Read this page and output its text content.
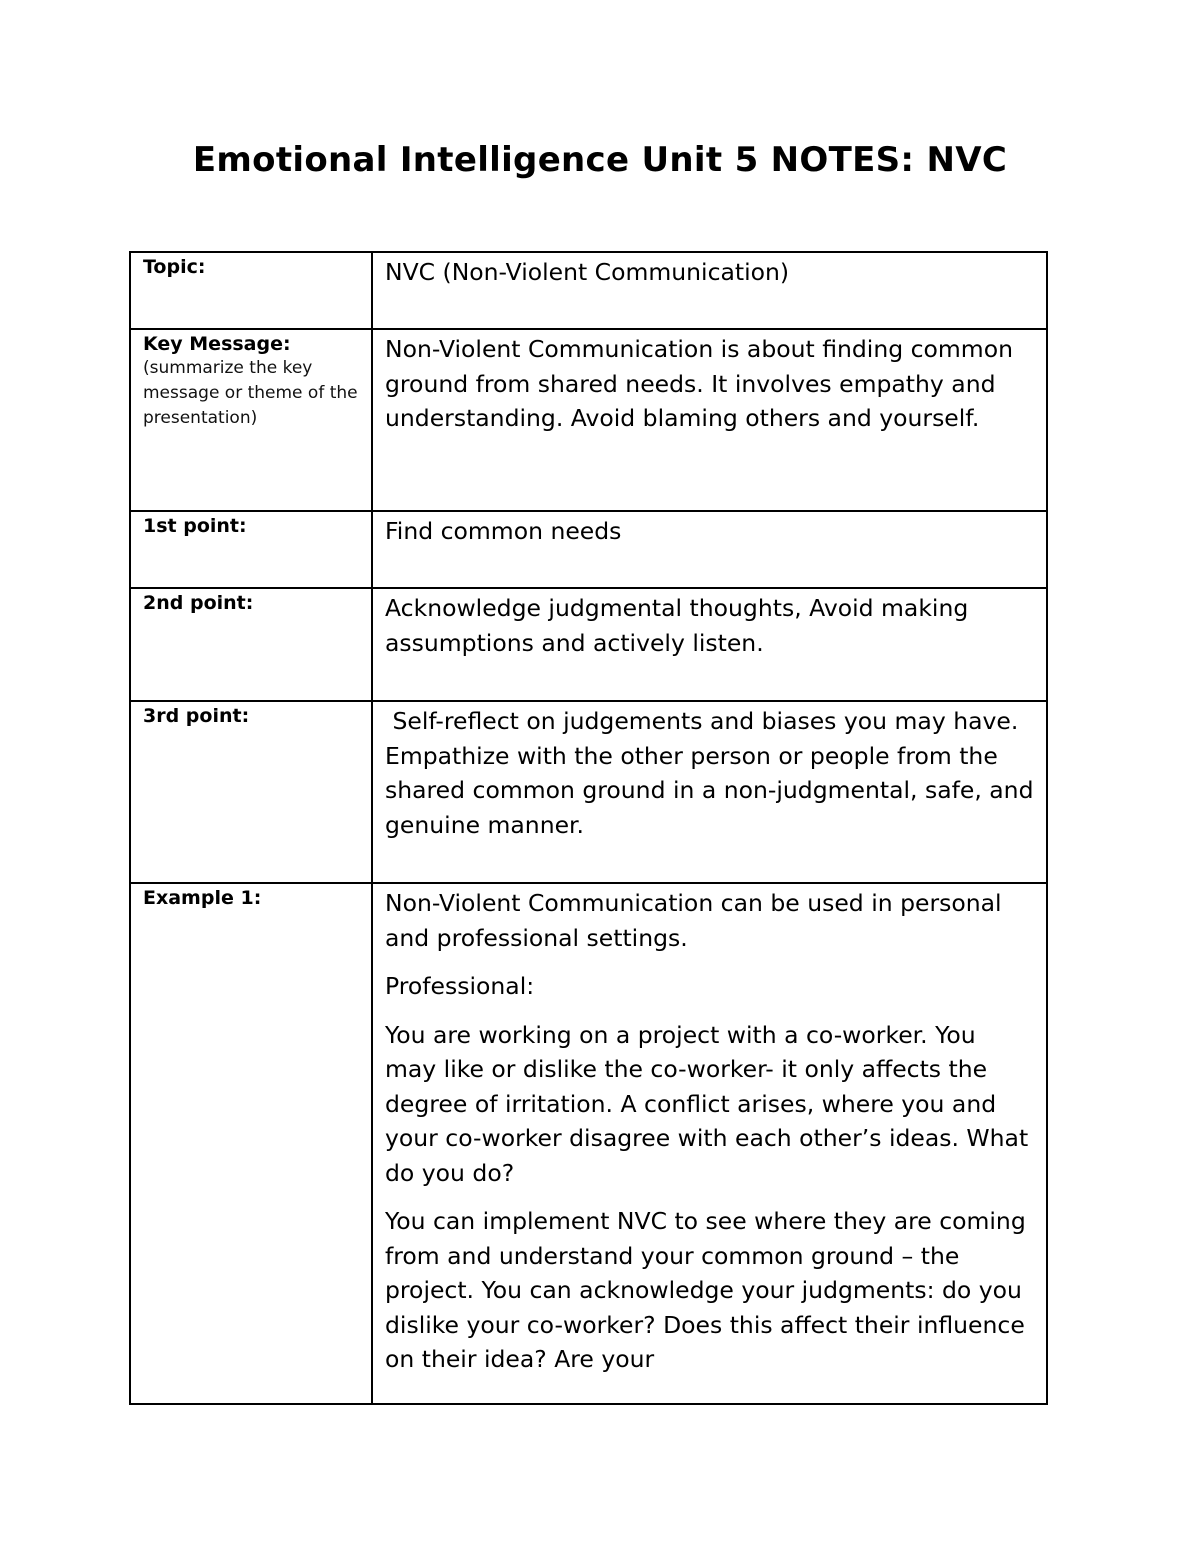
Emotional Intelligence Unit 5 NOTES: NVC
Topic:	NVC (Non-Violent Communication)

Key Message:
(summarize the key message or theme of the presentation)	Non-Violent Communication is about finding common ground from shared needs. It involves empathy and understanding. Avoid blaming others and yourself.

1st point:	Find common needs

2nd point:	Acknowledge judgmental thoughts, Avoid making assumptions and actively listen.

3rd point:	Self-reflect on judgements and biases you may have. Empathize with the other person or people from the shared common ground in a non-judgmental, safe, and genuine manner.

Example 1:	Non-Violent Communication can be used in personal and professional settings.
Professional:
You are working on a project with a co-worker. You may like or dislike the co-worker- it only affects the degree of irritation. A conflict arises, where you and your co-worker disagree with each other’s ideas. What do you do?
You can implement NVC to see where they are coming from and understand your common ground – the project. You can acknowledge your judgments: do you dislike your co-worker? Does this affect their influence on their idea? Are your
